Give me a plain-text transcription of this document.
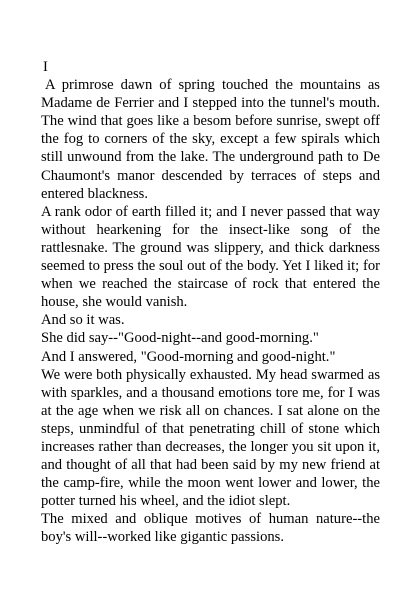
I

A primrose dawn of spring touched the mountains as Madame de Ferrier and I stepped into the tunnel's mouth. The wind that goes like a besom before sunrise, swept off the fog to corners of the sky, except a few spirals which still unwound from the lake. The underground path to De Chaumont's manor descended by terraces of steps and entered blackness.

A rank odor of earth filled it; and I never passed that way without hearkening for the insect-like song of the rattlesnake. The ground was slippery, and thick darkness seemed to press the soul out of the body. Yet I liked it; for when we reached the staircase of rock that entered the house, she would vanish.

And so it was.

She did say--"Good-night--and good-morning."

And I answered, "Good-morning and good-night."

We were both physically exhausted. My head swarmed as with sparkles, and a thousand emotions tore me, for I was at the age when we risk all on chances. I sat alone on the steps, unmindful of that penetrating chill of stone which increases rather than decreases, the longer you sit upon it, and thought of all that had been said by my new friend at the camp-fire, while the moon went lower and lower, the potter turned his wheel, and the idiot slept.

The mixed and oblique motives of human nature--the boy's will--worked like gigantic passions.
